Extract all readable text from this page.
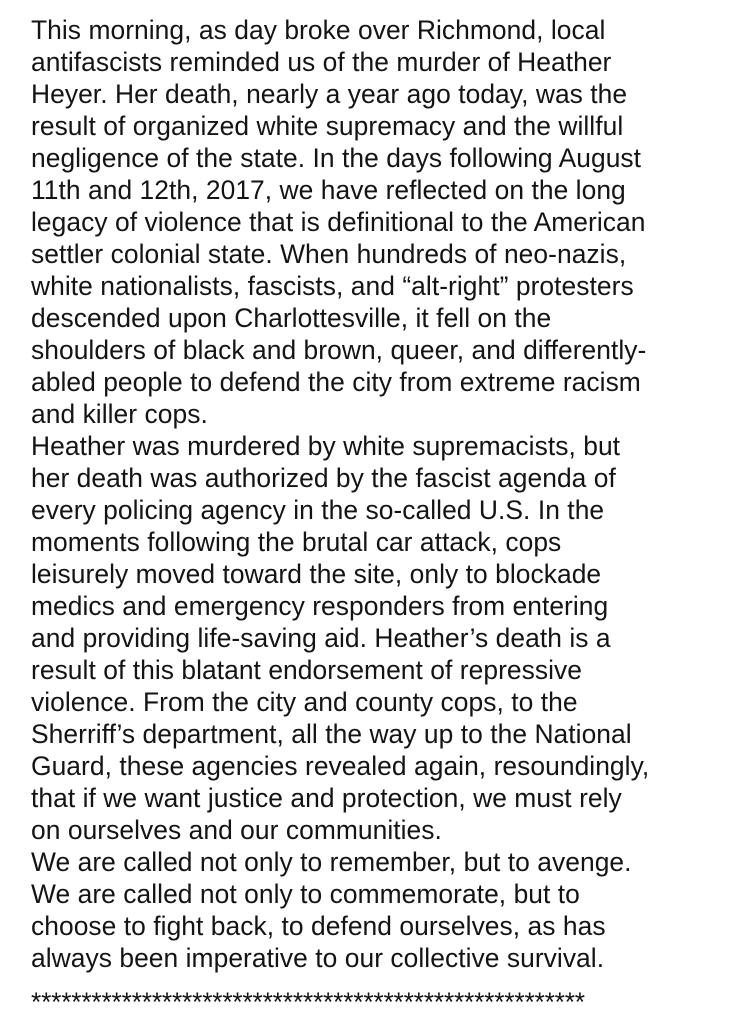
This morning, as day broke over Richmond, local
antifascists reminded us of the murder of Heather
Heyer. Her death, nearly a year ago today, was the
result of organized white supremacy and the willful
negligence of the state. In the days following August
11th and 12th, 2017, we have reflected on the long
legacy of violence that is definitional to the American
settler colonial state. When hundreds of neo-nazis,
white nationalists, fascists, and “alt-right” protesters
descended upon Charlottesville, it fell on the
shoulders of black and brown, queer, and differently-
abled people to defend the city from extreme racism
and killer cops.
Heather was murdered by white supremacists, but
her death was authorized by the fascist agenda of
every policing agency in the so-called U.S. In the
moments following the brutal car attack, cops
leisurely moved toward the site, only to blockade
medics and emergency responders from entering
and providing life-saving aid. Heather’s death is a
result of this blatant endorsement of repressive
violence. From the city and county cops, to the
Sherriff’s department, all the way up to the National
Guard, these agencies revealed again, resoundingly,
that if we want justice and protection, we must rely
on ourselves and our communities.
We are called not only to remember, but to avenge.
We are called not only to commemorate, but to
choose to fight back, to defend ourselves, as has
always been imperative to our collective survival.
*******************************************************
